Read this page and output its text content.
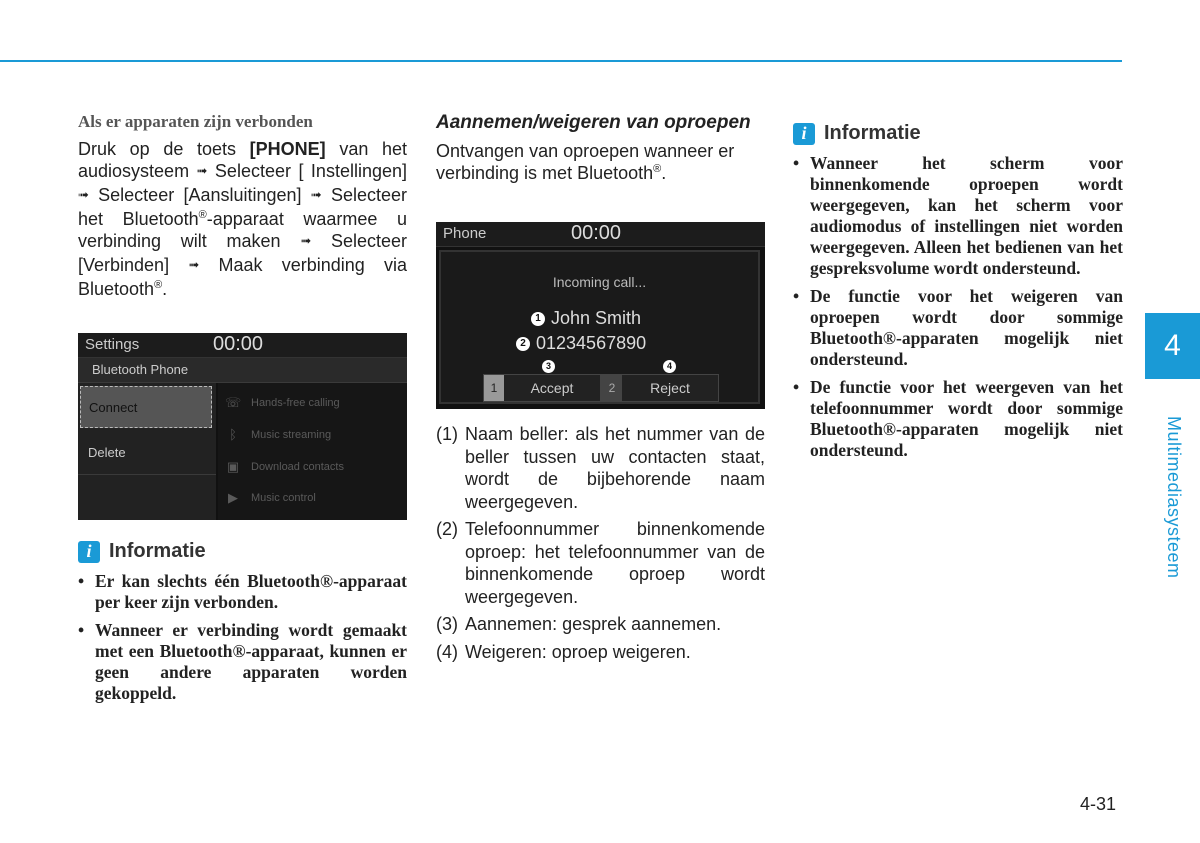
Als er apparaten zijn verbonden

Druk op de toets [PHONE] van het audiosysteem ➟ Selecteer [ Instellingen] ➟ Selecteer [Aansluitingen] ➟ Selecteer het Bluetooth®-apparaat waarmee u verbinding wilt maken ➟ Selecteer [Verbinden] ➟ Maak verbinding via Bluetooth®.

Settings	00:00
Bluetooth Phone
Connect
Delete
☏ Hands-free calling
ᛒ	Music streaming
▣ Download contacts
▶ Music control
i Informatie
• Er kan slechts één Bluetooth®-apparaat per keer zijn verbonden.
• Wanneer er verbinding wordt gemaakt met een Bluetooth®-apparaat, kunnen er geen andere apparaten worden gekoppeld.

Aannemen/weigeren van oproepen

Ontvangen van oproepen wanneer er verbinding is met Bluetooth®.

Phone	00:00
Incoming call...
1 John Smith
2 01234567890
3	4
1	Accept	2	Reject
(1) Naam beller: als het nummer van de beller tussen uw contacten staat, wordt de bijbehorende naam weergegeven.
(2) Telefoonnummer binnenkomende oproep: het telefoonnummer van de binnenkomende oproep wordt weergegeven.
(3) Aannemen: gesprek aannemen.
(4) Weigeren: oproep weigeren.
i Informatie
• Wanneer het scherm voor binnenkomende oproepen wordt weergegeven, kan het scherm voor audiomodus of instellingen niet worden weergegeven. Alleen het bedienen van het gespreksvolume wordt ondersteund.
• De functie voor het weigeren van oproepen wordt door sommige Bluetooth®-apparaten mogelijk niet ondersteund.
• De functie voor het weergeven van het telefoonnummer wordt door sommige Bluetooth®-apparaten mogelijk niet ondersteund.
4
Multimediasysteem
4-31
